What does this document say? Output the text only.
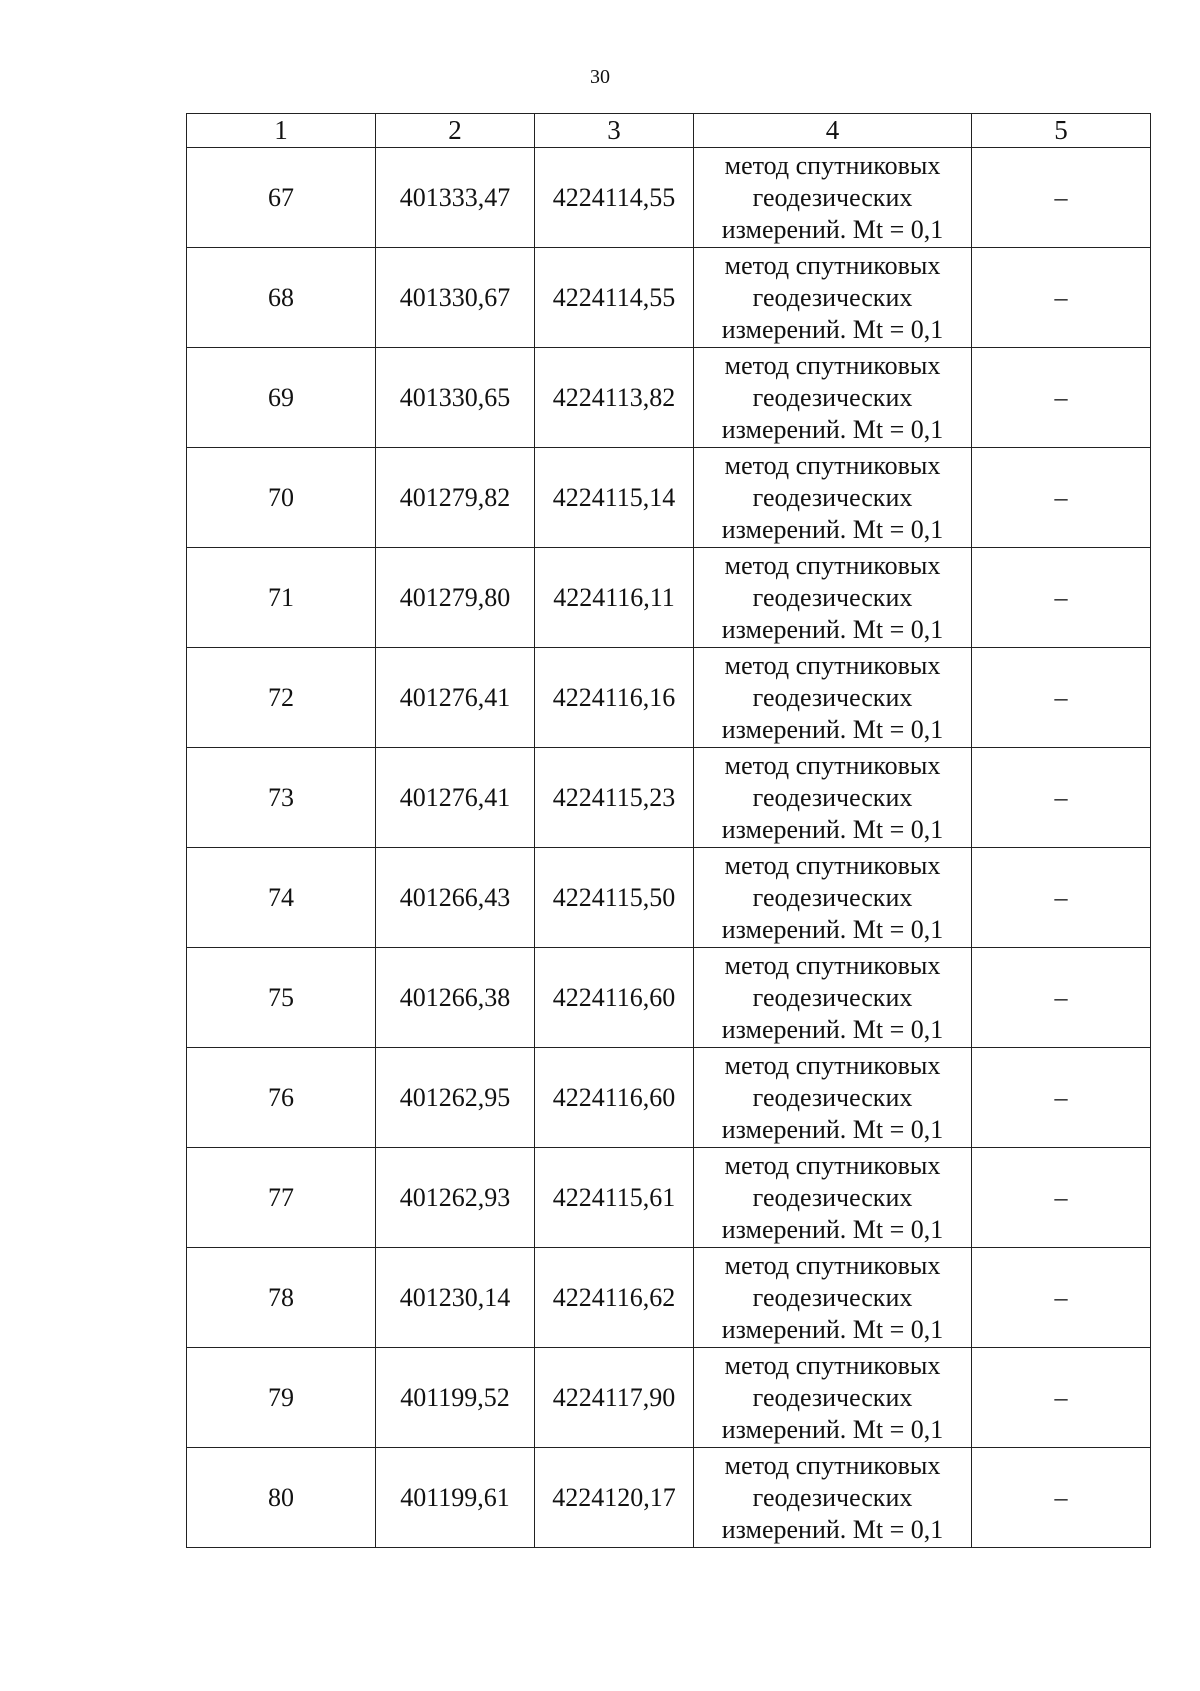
30
1	2	3	4	5
67	401333,47	4224114,55	метод спутниковых
геодезических
измерений. Mt = 0,1	–
68	401330,67	4224114,55	метод спутниковых
геодезических
измерений. Mt = 0,1	–
69	401330,65	4224113,82	метод спутниковых
геодезических
измерений. Mt = 0,1	–
70	401279,82	4224115,14	метод спутниковых
геодезических
измерений. Mt = 0,1	–
71	401279,80	4224116,11	метод спутниковых
геодезических
измерений. Mt = 0,1	–
72	401276,41	4224116,16	метод спутниковых
геодезических
измерений. Mt = 0,1	–
73	401276,41	4224115,23	метод спутниковых
геодезических
измерений. Mt = 0,1	–
74	401266,43	4224115,50	метод спутниковых
геодезических
измерений. Mt = 0,1	–
75	401266,38	4224116,60	метод спутниковых
геодезических
измерений. Mt = 0,1	–
76	401262,95	4224116,60	метод спутниковых
геодезических
измерений. Mt = 0,1	–
77	401262,93	4224115,61	метод спутниковых
геодезических
измерений. Mt = 0,1	–
78	401230,14	4224116,62	метод спутниковых
геодезических
измерений. Mt = 0,1	–
79	401199,52	4224117,90	метод спутниковых
геодезических
измерений. Mt = 0,1	–
80	401199,61	4224120,17	метод спутниковых
геодезических
измерений. Mt = 0,1	–
